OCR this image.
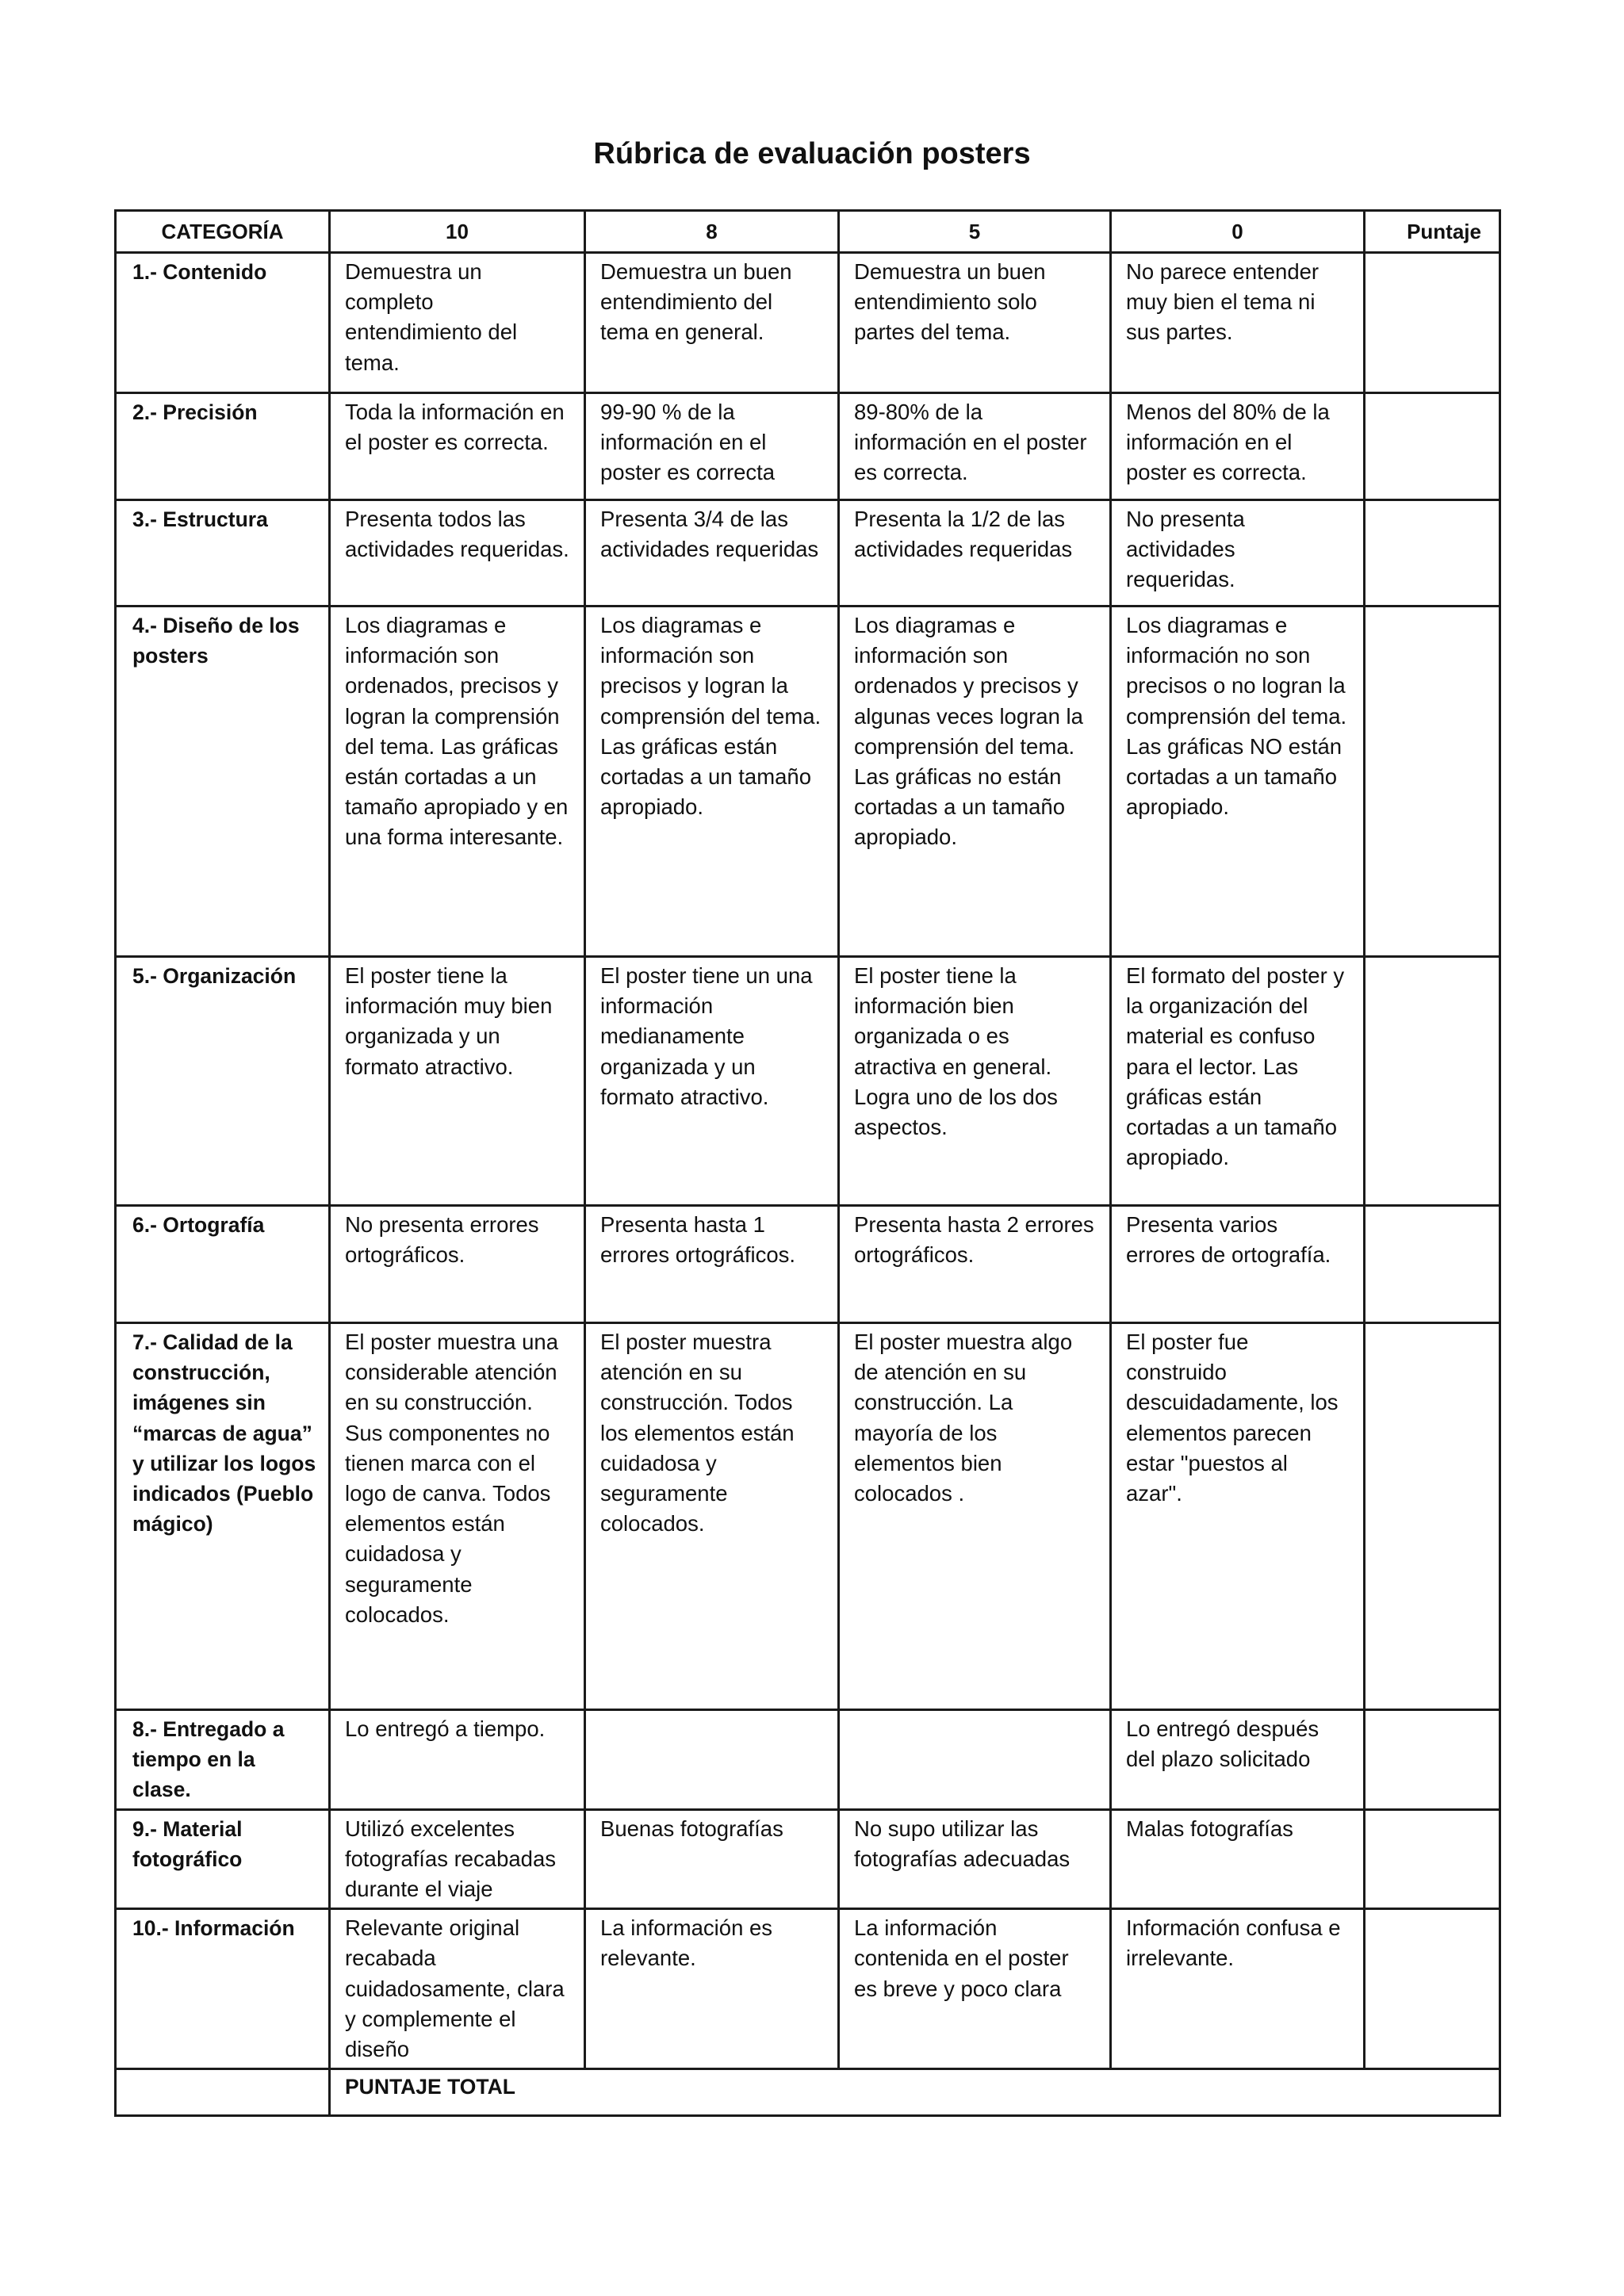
Rúbrica de evaluación posters
CATEGORÍA	10	8	5	0	Puntaje
1.- Contenido	Demuestra un completo entendimiento del tema.	Demuestra un buen entendimiento del tema en general.	Demuestra un buen entendimiento solo partes del tema.	No parece entender muy bien el tema ni sus partes.	
2.- Precisión	Toda la información en el poster es correcta.	99-90 % de la información en el poster es correcta	89-80% de la información en el poster es correcta.	Menos del 80% de la información en el poster es correcta.	
3.- Estructura	Presenta todos las actividades requeridas.	Presenta 3/4 de las actividades requeridas	Presenta la 1/2 de las actividades requeridas	No presenta actividades requeridas.	
4.- Diseño de los posters	Los diagramas e información son ordenados, precisos y logran la comprensión del tema. Las gráficas están cortadas a un tamaño apropiado y en una forma interesante.	Los diagramas e información son precisos y logran la comprensión del tema. Las gráficas están cortadas a un tamaño apropiado.	Los diagramas e información son ordenados y precisos y algunas veces logran la comprensión del tema. Las gráficas no están cortadas a un tamaño apropiado.	Los diagramas e información no son precisos o no logran la comprensión del tema. Las gráficas NO están cortadas a un tamaño apropiado.	
5.- Organización	El poster tiene la información muy bien organizada y un formato atractivo.	El poster tiene un una información medianamente organizada y un formato atractivo.	El poster tiene la información bien organizada o es atractiva en general. Logra uno de los dos aspectos.	El formato del poster y la organización del material es confuso para el lector. Las gráficas están cortadas a un tamaño apropiado.	
6.- Ortografía	No presenta errores ortográficos.	Presenta hasta 1 errores ortográficos.	Presenta hasta 2 errores ortográficos.	Presenta varios errores de ortografía.	
7.- Calidad de la construcción, imágenes sin “marcas de agua” y utilizar los logos indicados (Pueblo mágico)	El poster muestra una considerable atención en su construcción. Sus componentes no tienen marca con el logo de canva. Todos elementos están cuidadosa y seguramente colocados.	El poster muestra atención en su construcción. Todos los elementos están cuidadosa y seguramente colocados.	El poster muestra algo de atención en su construcción. La mayoría de los elementos bien colocados .	El poster fue construido descuidadamente, los elementos parecen estar "puestos al azar".	
8.- Entregado a tiempo en la clase.	Lo entregó a tiempo.			Lo entregó después del plazo solicitado	
9.- Material fotográfico	Utilizó excelentes fotografías recabadas durante el viaje	Buenas fotografías	No supo utilizar las fotografías adecuadas	Malas fotografías	
10.- Información	Relevante original recabada cuidadosamente, clara y complemente el diseño	La información es relevante.	La información contenida en el poster es breve y poco clara	Información confusa e irrelevante.	
	PUNTAJE TOTAL				
